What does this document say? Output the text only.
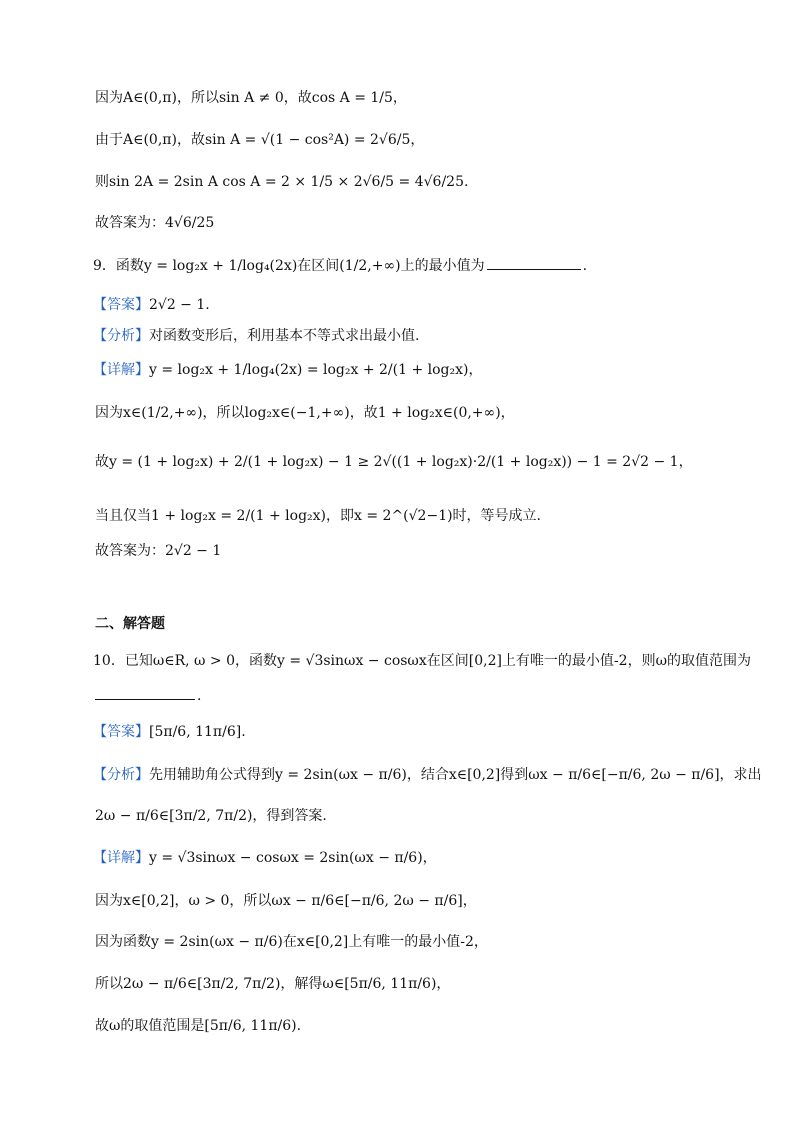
因为A∈(0,π)，所以sin A ≠ 0，故cos A = 1/5，
由于A∈(0,π)，故sin A = √(1 − cos²A) = 2√6/5，
则sin 2A = 2sin A cos A = 2 × 1/5 × 2√6/5 = 4√6/25.
故答案为：4√6/25
9．函数y = log₂x + 1/log₄(2x)在区间(1/2,+∞)上的最小值为	.
【答案】2√2 − 1.
【分析】对函数变形后，利用基本不等式求出最小值.
【详解】y = log₂x + 1/log₄(2x) = log₂x + 2/(1 + log₂x)，
因为x∈(1/2,+∞)，所以log₂x∈(−1,+∞)，故1 + log₂x∈(0,+∞)，
故y = (1 + log₂x) + 2/(1 + log₂x) − 1 ≥ 2√((1 + log₂x)·2/(1 + log₂x)) − 1 = 2√2 − 1，
当且仅当1 + log₂x = 2/(1 + log₂x)，即x = 2^(√2−1)时，等号成立.
故答案为：2√2 − 1
二、解答题
10．已知ω∈R, ω > 0，函数y = √3sinωx − cosωx在区间[0,2]上有唯一的最小值-2，则ω的取值范围为
.
【答案】[5π/6, 11π/6].
【分析】先用辅助角公式得到y = 2sin(ωx − π/6)，结合x∈[0,2]得到ωx − π/6∈[−π/6, 2ω − π/6]，求出
2ω − π/6∈[3π/2, 7π/2)，得到答案.
【详解】y = √3sinωx − cosωx = 2sin(ωx − π/6)，
因为x∈[0,2]，ω > 0，所以ωx − π/6∈[−π/6, 2ω − π/6]，
因为函数y = 2sin(ωx − π/6)在x∈[0,2]上有唯一的最小值-2，
所以2ω − π/6∈[3π/2, 7π/2)，解得ω∈[5π/6, 11π/6)，
故ω的取值范围是[5π/6, 11π/6).
